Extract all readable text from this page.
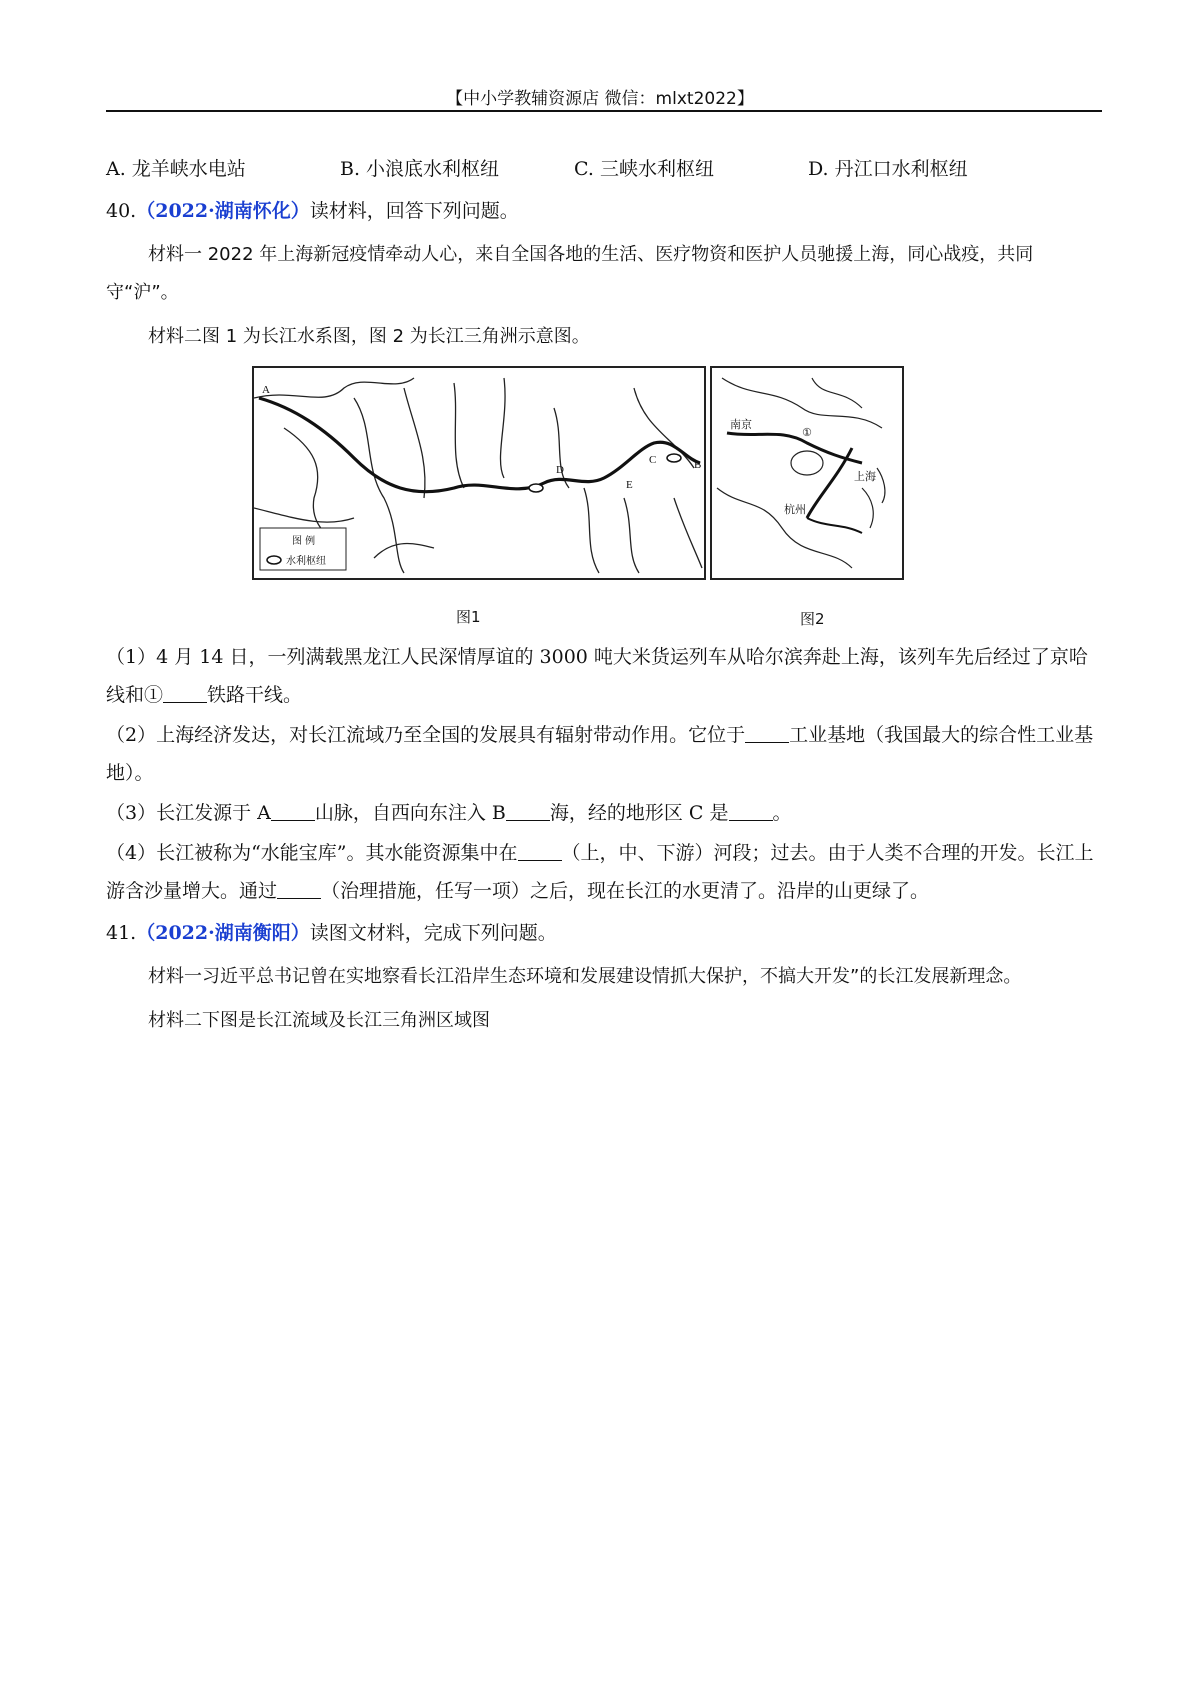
【中小学教辅资源店 微信：mlxt2022】
A. 龙羊峡水电站	B. 小浪底水利枢纽	C. 三峡水利枢纽	D. 丹江口水利枢纽
40.（2022·湖南怀化）读材料，回答下列问题。
材料一 2022 年上海新冠疫情牵动人心，来自全国各地的生活、医疗物资和医护人员驰援上海，同心战疫，共同守“沪”。
材料二图 1 为长江水系图，图 2 为长江三角洲示意图。
A
B
C
D
E
图 例
水利枢纽
图1
南京
杭州
上海
①
图2
（1）4 月 14 日，一列满载黑龙江人民深情厚谊的 3000 吨大米货运列车从哈尔滨奔赴上海，该列车先后经过了京哈线和① 铁路干线。
（2）上海经济发达，对长江流域乃至全国的发展具有辐射带动作用。它位于 工业基地（我国最大的综合性工业基地）。
（3）长江发源于 A 山脉，自西向东注入 B 海，经的地形区 C 是 。
（4）长江被称为“水能宝库”。其水能资源集中在 （上，中、下游）河段；过去。由于人类不合理的开发。长江上游含沙量增大。通过 （治理措施，任写一项）之后，现在长江的水更清了。沿岸的山更绿了。
41.（2022·湖南衡阳）读图文材料，完成下列问题。
材料一习近平总书记曾在实地察看长江沿岸生态环境和发展建设情抓大保护，不搞大开发”的长江发展新理念。
材料二下图是长江流域及长江三角洲区域图
